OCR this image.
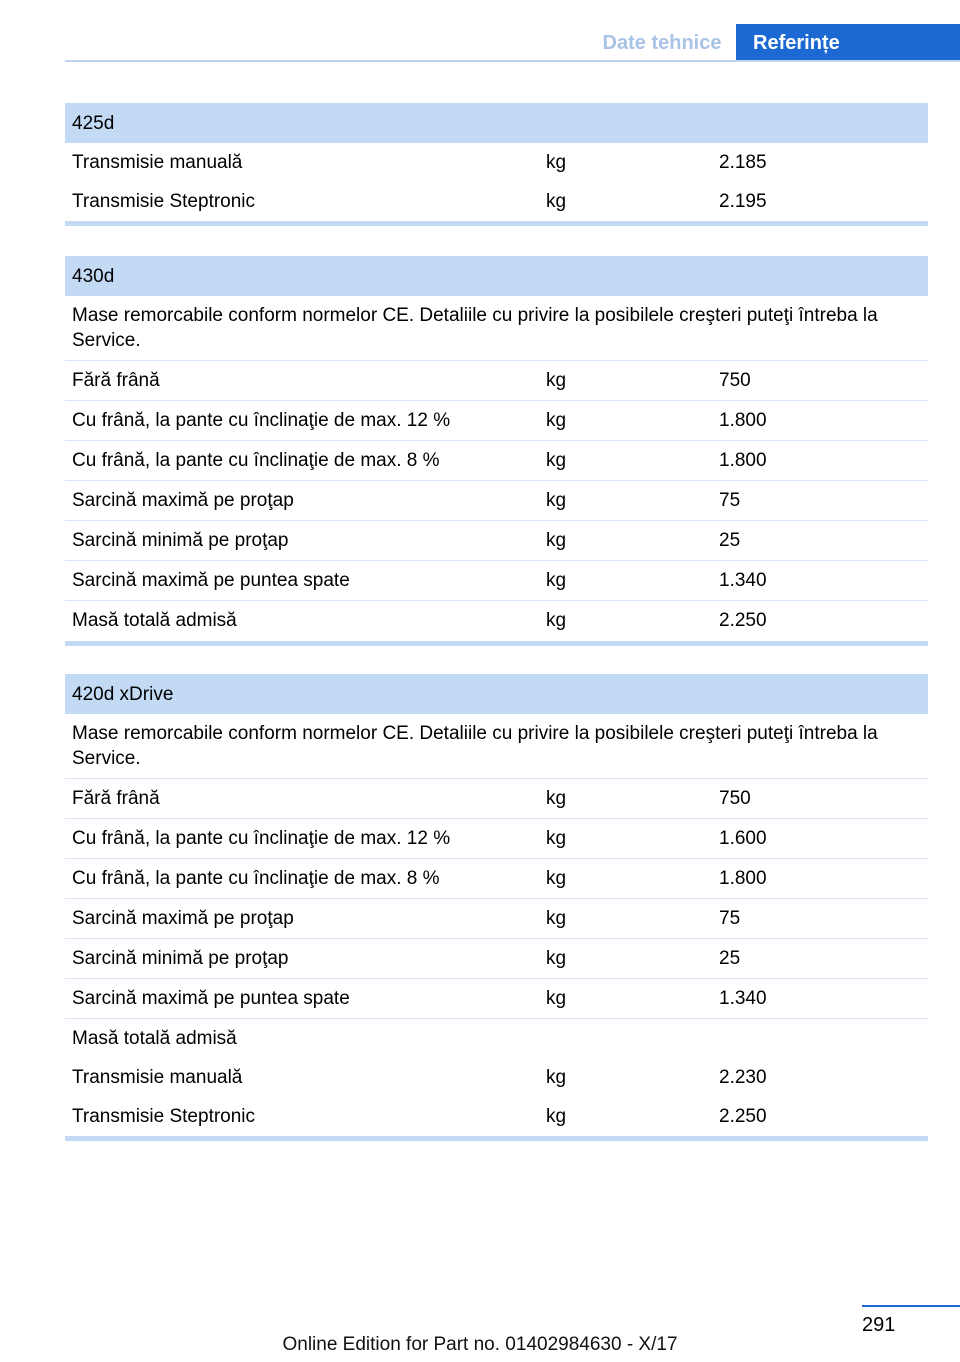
Date tehnice	Referințe
425d
Transmisie manuală	kg	2.185
Transmisie Steptronic	kg	2.195
430d
Mase remorcabile conform normelor CE. Detaliile cu privire la posibilele creşteri puteţi întreba la Service.
Fără frână	kg	750
Cu frână, la pante cu înclinaţie de max. 12 %	kg	1.800
Cu frână, la pante cu înclinaţie de max. 8 %	kg	1.800
Sarcină maximă pe proţap	kg	75
Sarcină minimă pe proţap	kg	25
Sarcină maximă pe puntea spate	kg	1.340
Masă totală admisă	kg	2.250
420d xDrive
Mase remorcabile conform normelor CE. Detaliile cu privire la posibilele creşteri puteţi întreba la Service.
Fără frână	kg	750
Cu frână, la pante cu înclinaţie de max. 12 %	kg	1.600
Cu frână, la pante cu înclinaţie de max. 8 %	kg	1.800
Sarcină maximă pe proţap	kg	75
Sarcină minimă pe proţap	kg	25
Sarcină maximă pe puntea spate	kg	1.340
Masă totală admisă
Transmisie manuală	kg	2.230
Transmisie Steptronic	kg	2.250
291
Online Edition for Part no. 01402984630 - X/17
